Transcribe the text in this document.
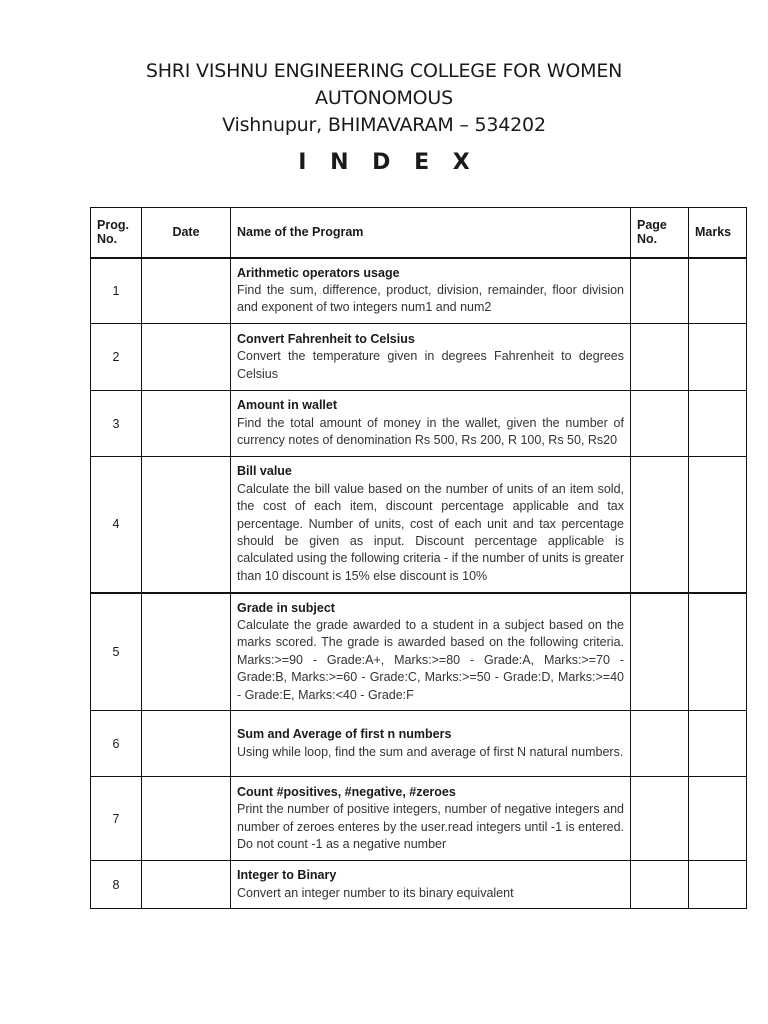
SHRI VISHNU ENGINEERING COLLEGE FOR WOMEN
AUTONOMOUS
Vishnupur, BHIMAVARAM – 534202
I N D E X
Prog. No.	Date	Name of the Program	Page No.	Marks
1		Arithmetic operators usage
Find the sum, difference, product, division, remainder, floor division and exponent of two integers num1 and num2		

2		Convert Fahrenheit to Celsius
Convert the temperature given in degrees Fahrenheit to degrees Celsius		

3		Amount in wallet
Find the total amount of money in the wallet, given the number of currency notes of denomination Rs 500, Rs 200, R 100, Rs 50, Rs20		

4		Bill value
Calculate the bill value based on the number of units of an item sold, the cost of each item, discount percentage applicable and tax percentage. Number of units, cost of each unit and tax percentage should be given as input. Discount percentage applicable is calculated using the following criteria - if the number of units is greater than 10 discount is 15% else discount is 10%		

5		Grade in subject
Calculate the grade awarded to a student in a subject based on the marks scored. The grade is awarded based on the following criteria. Marks:>=90 - Grade:A+, Marks:>=80 - Grade:A, Marks:>=70 - Grade:B, Marks:>=60 - Grade:C, Marks:>=50 - Grade:D, Marks:>=40 - Grade:E, Marks:<40 - Grade:F		

6		Sum and Average of first n numbers
Using while loop, find the sum and average of first N natural numbers.		

7		Count #positives, #negative, #zeroes
Print the number of positive integers, number of negative integers and number of zeroes enteres by the user.read integers until -1 is entered. Do not count -1 as a negative number		

8		Integer to Binary
Convert an integer number to its binary equivalent		
